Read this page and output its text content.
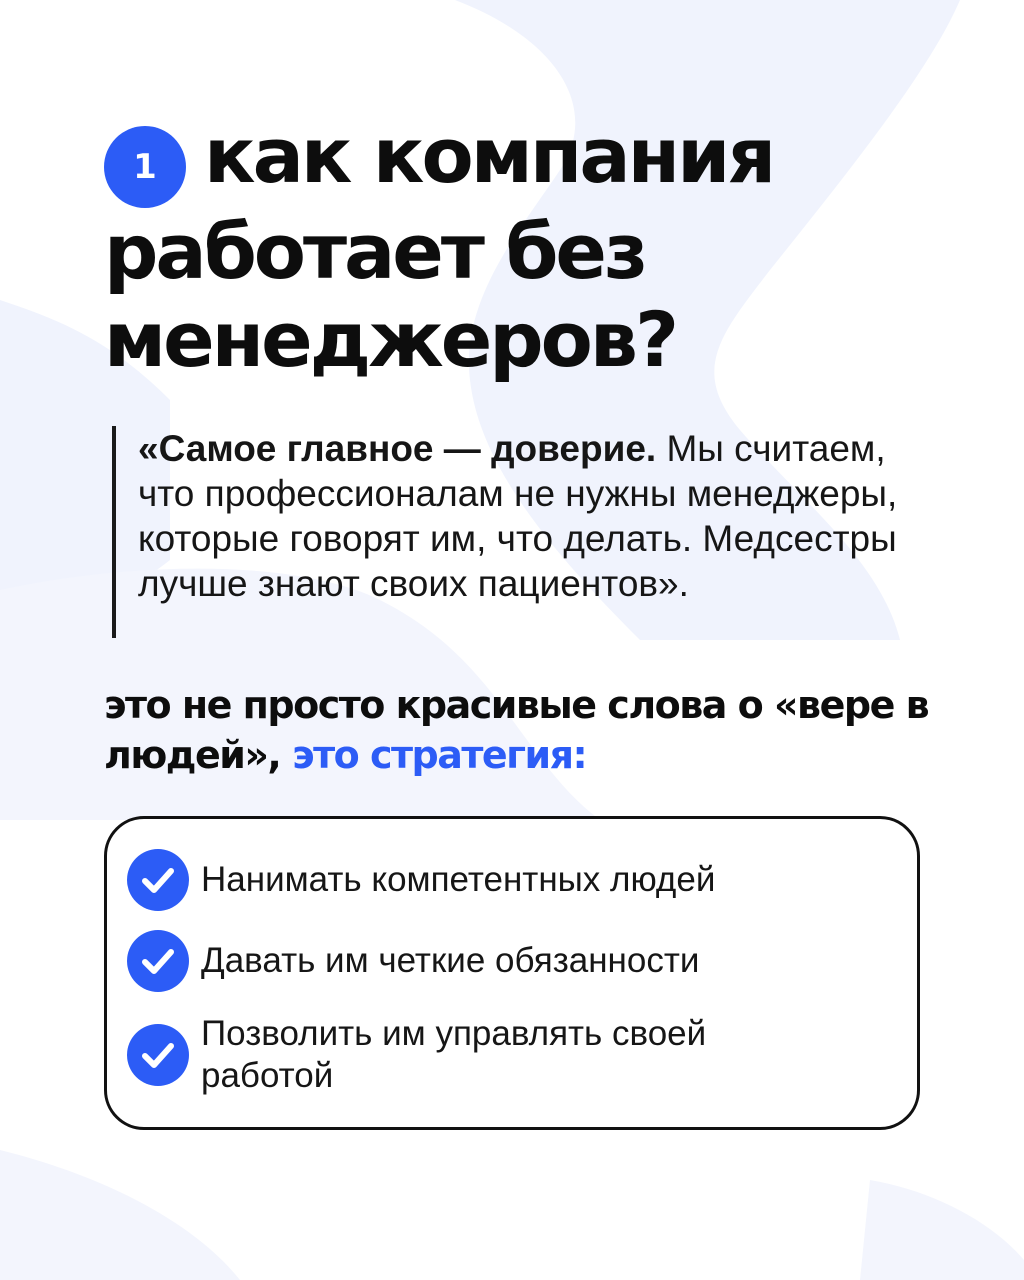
1 как компания работает без менеджеров?

«Самое главное — доверие. Мы считаем, что профессионалам не нужны менеджеры, которые говорят им, что делать. Медсестры лучше знают своих пациентов».

это не просто красивые слова о «вере в людей», это стратегия:
Нанимать компетентных людей
Давать им четкие обязанности
Позволить им управлять своей работой
